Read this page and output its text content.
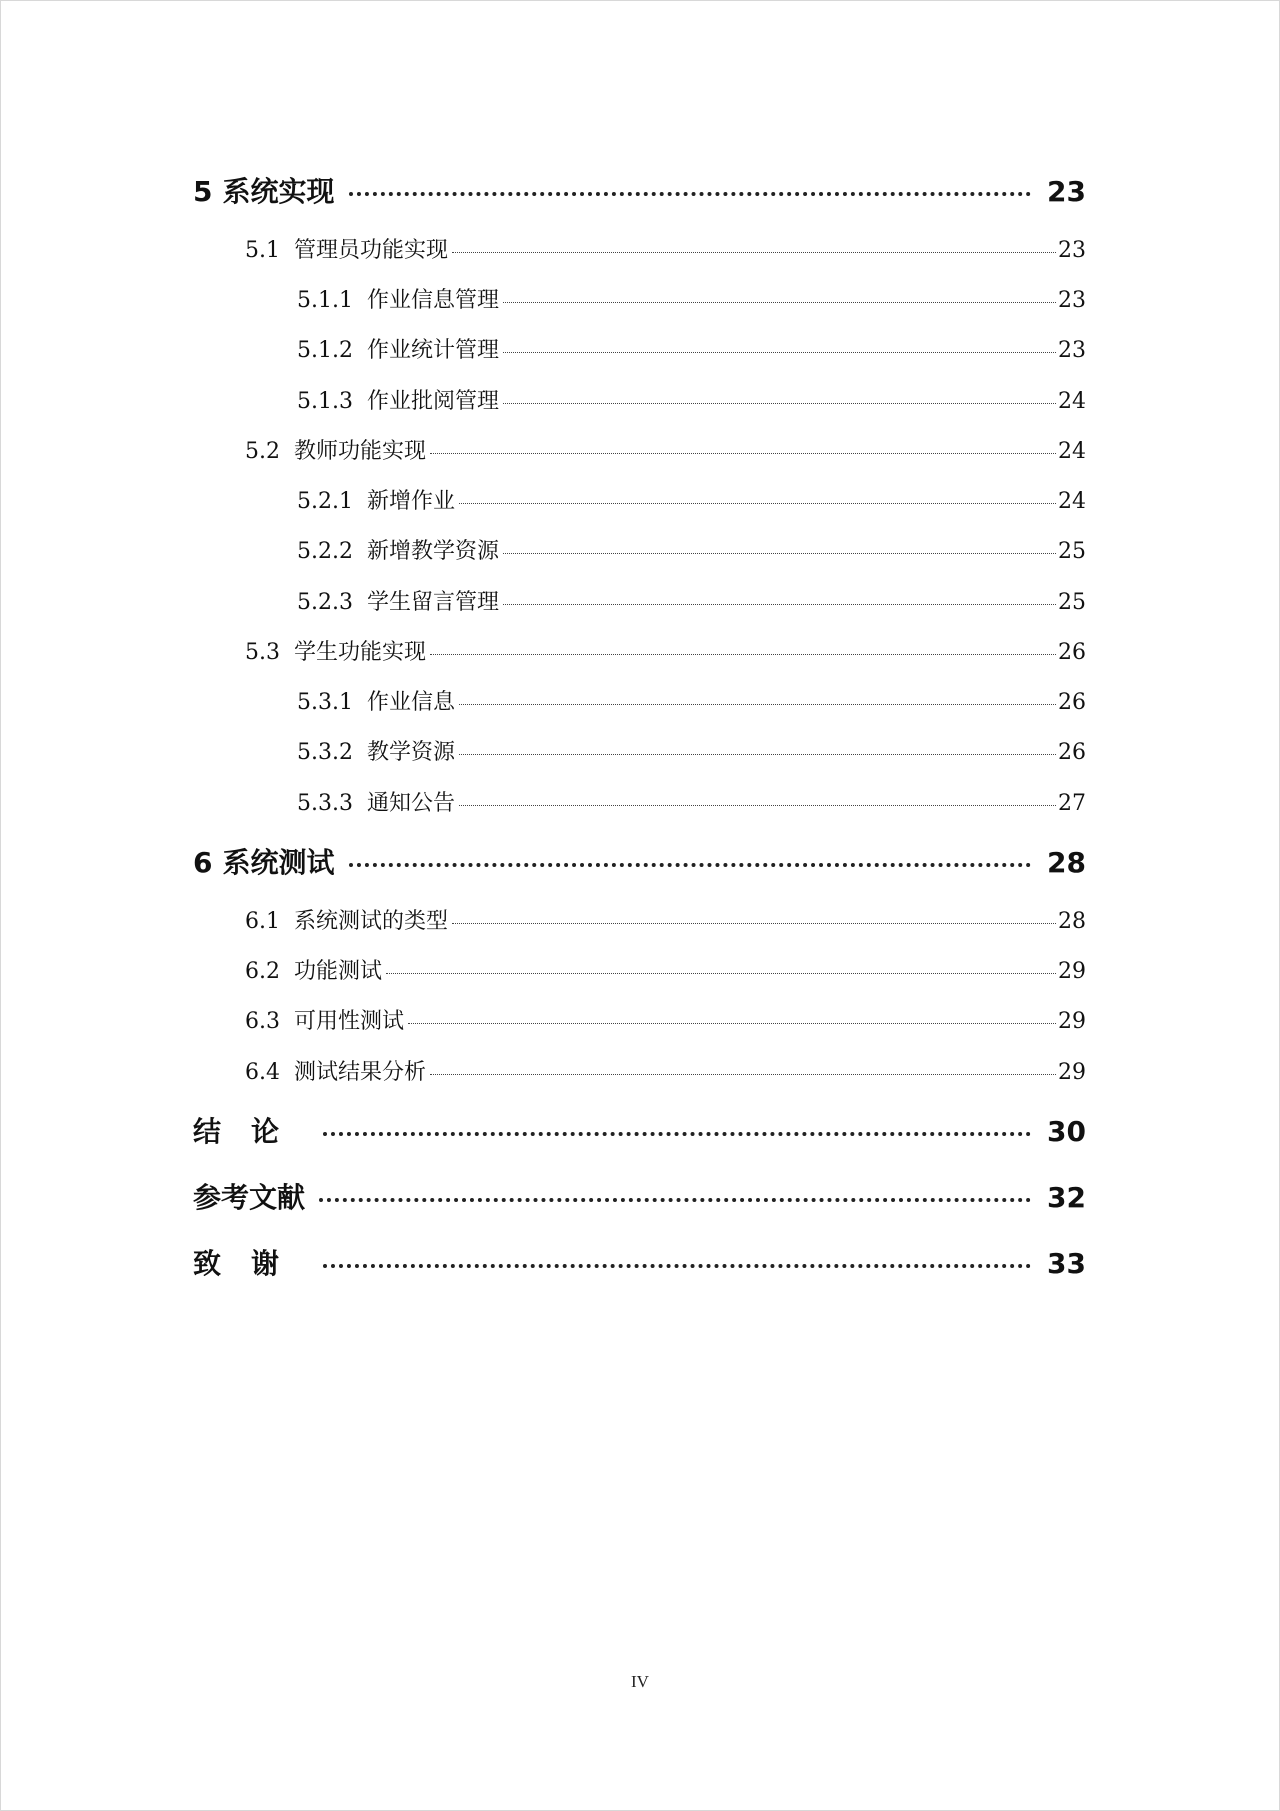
5 系统实现	23
5.1 管理员功能实现	23
5.1.1 作业信息管理	23
5.1.2 作业统计管理	23
5.1.3 作业批阅管理	24
5.2 教师功能实现	24
5.2.1 新增作业	24
5.2.2 新增教学资源	25
5.2.3 学生留言管理	25
5.3 学生功能实现	26
5.3.1 作业信息	26
5.3.2 教学资源	26
5.3.3 通知公告	27
6 系统测试	28
6.1 系统测试的类型	28
6.2 功能测试	29
6.3 可用性测试	29
6.4 测试结果分析	29
结论	30
参考文献	32
致谢	33
IV
